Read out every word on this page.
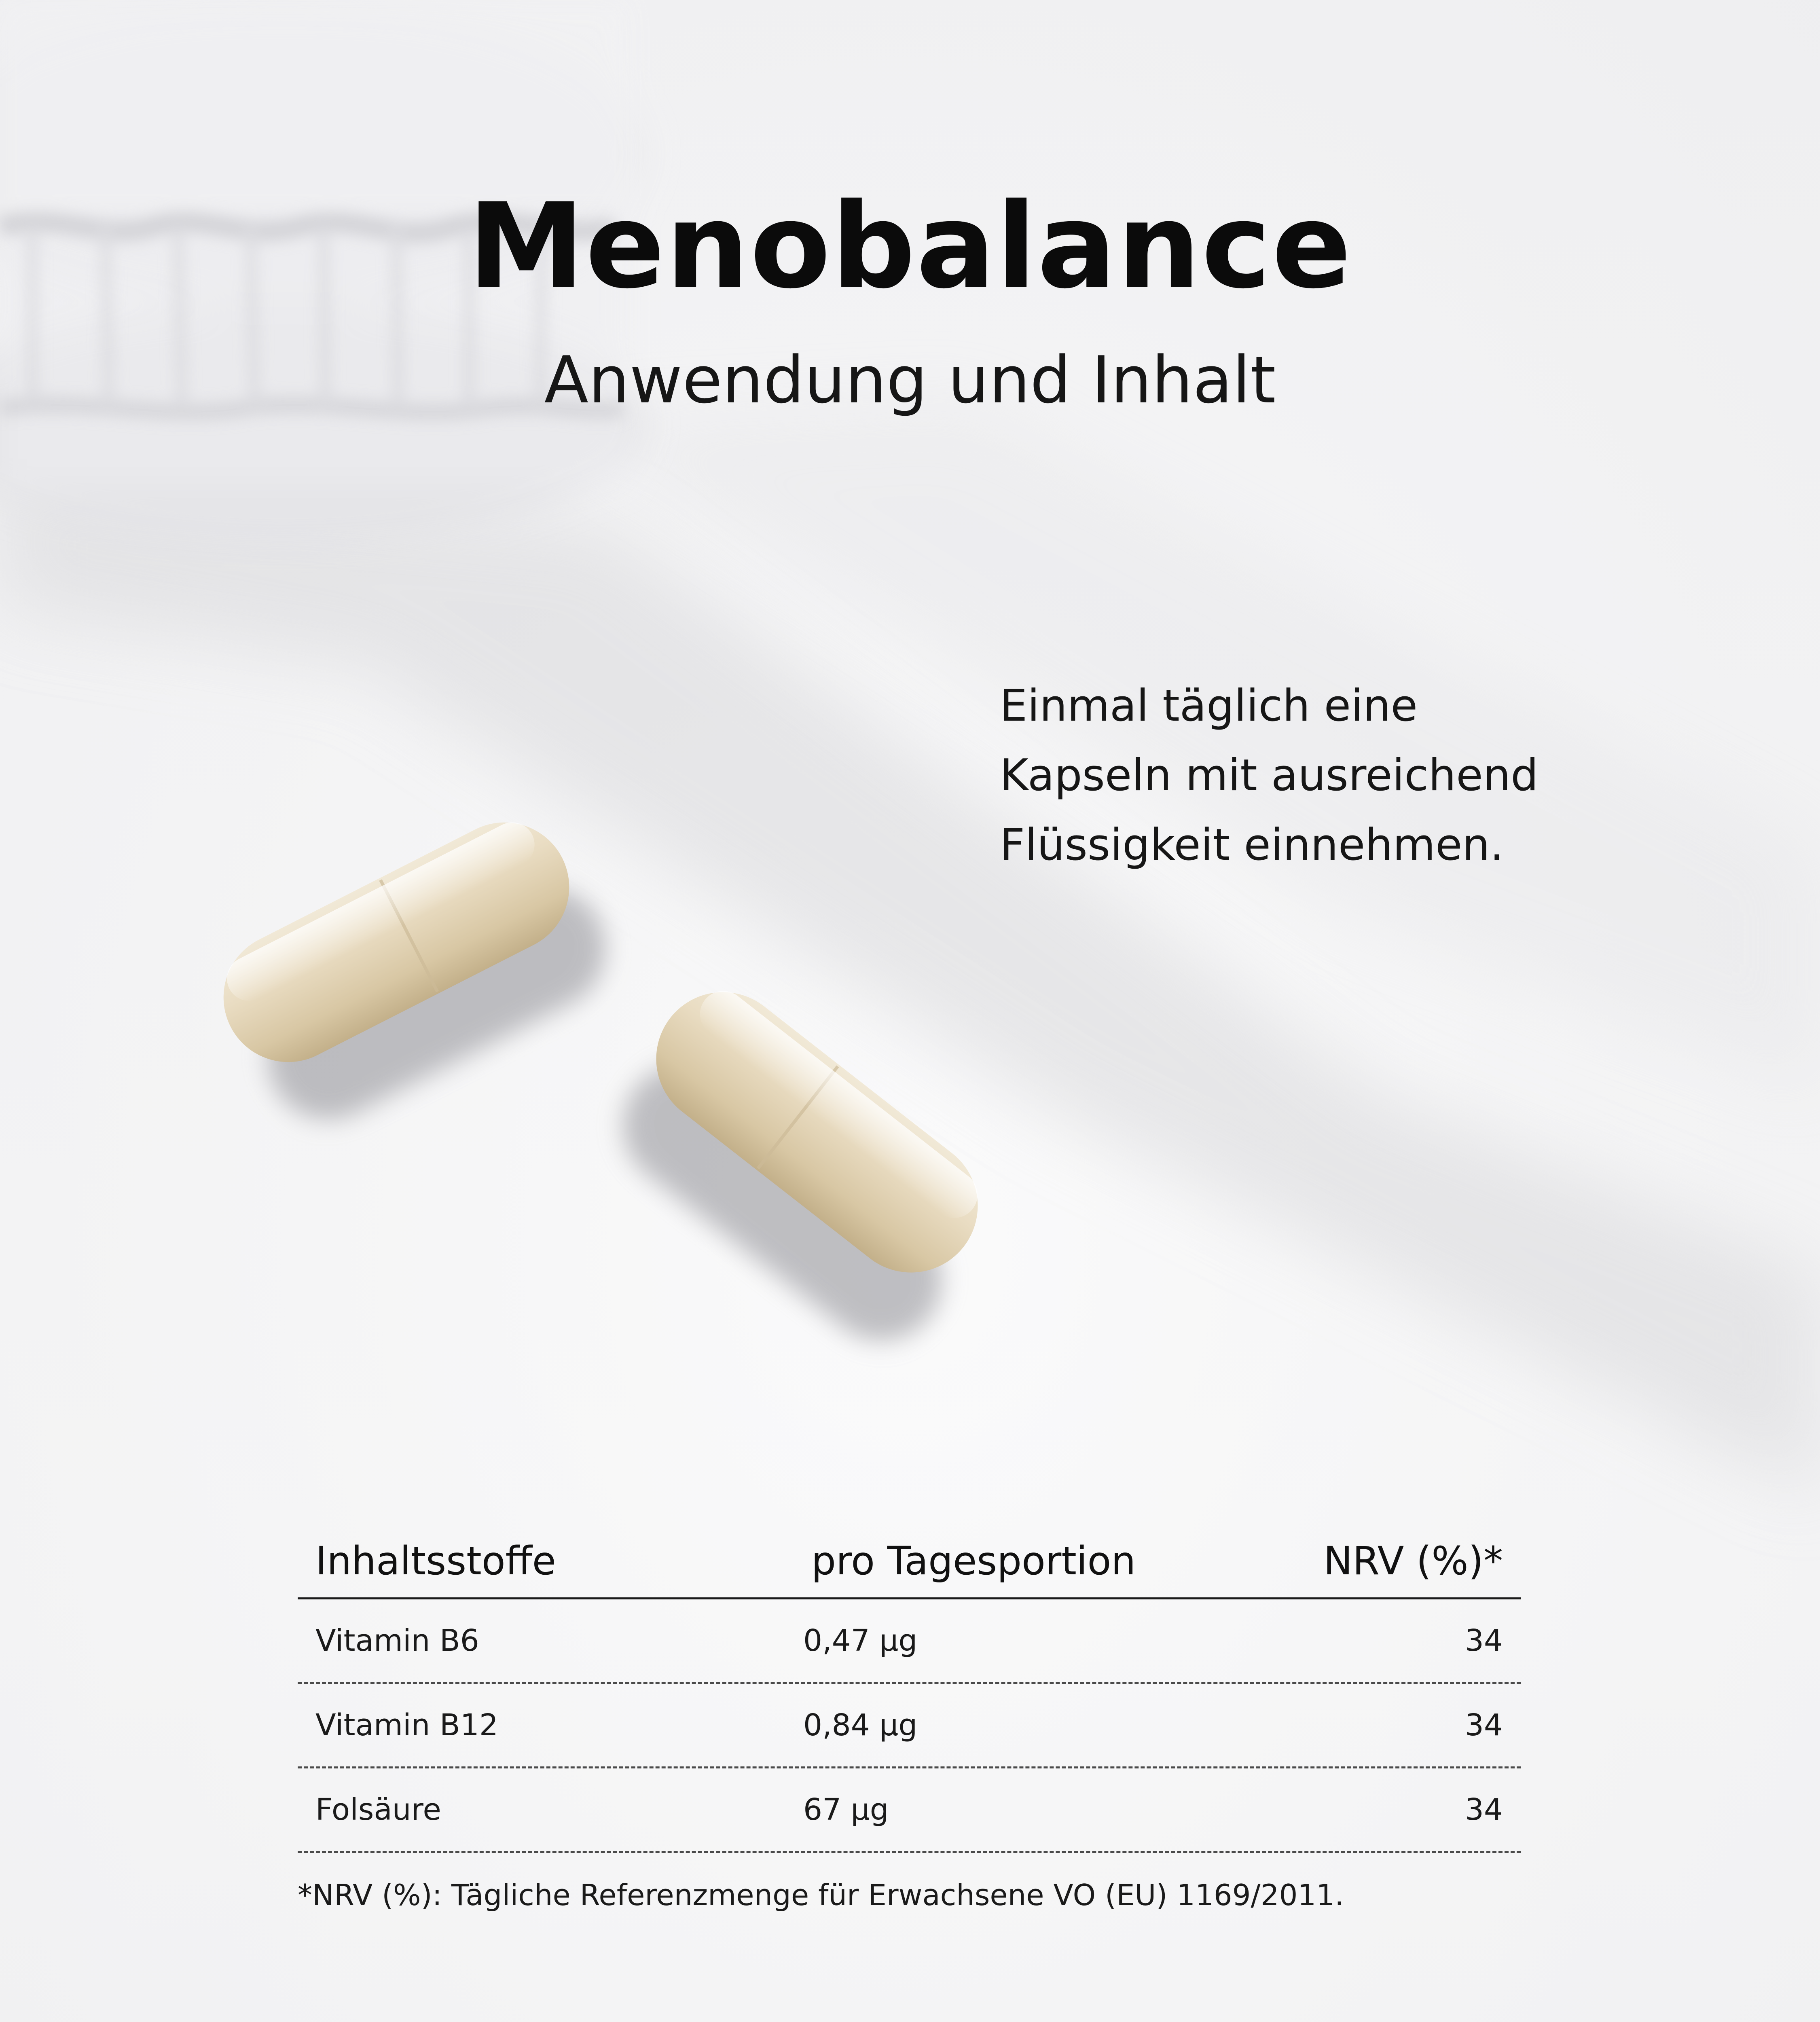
Menobalance
Anwendung und Inhalt
Einmal täglich eine
Kapseln mit ausreichend
Flüssigkeit einnehmen.
Inhaltsstoffe	pro Tagesportion	NRV (%)*
Vitamin B6	0,47 µg	34
Vitamin B12	0,84 µg	34
Folsäure	67 µg	34
*NRV (%): Tägliche Referenzmenge für Erwachsene VO (EU) 1169/2011.
